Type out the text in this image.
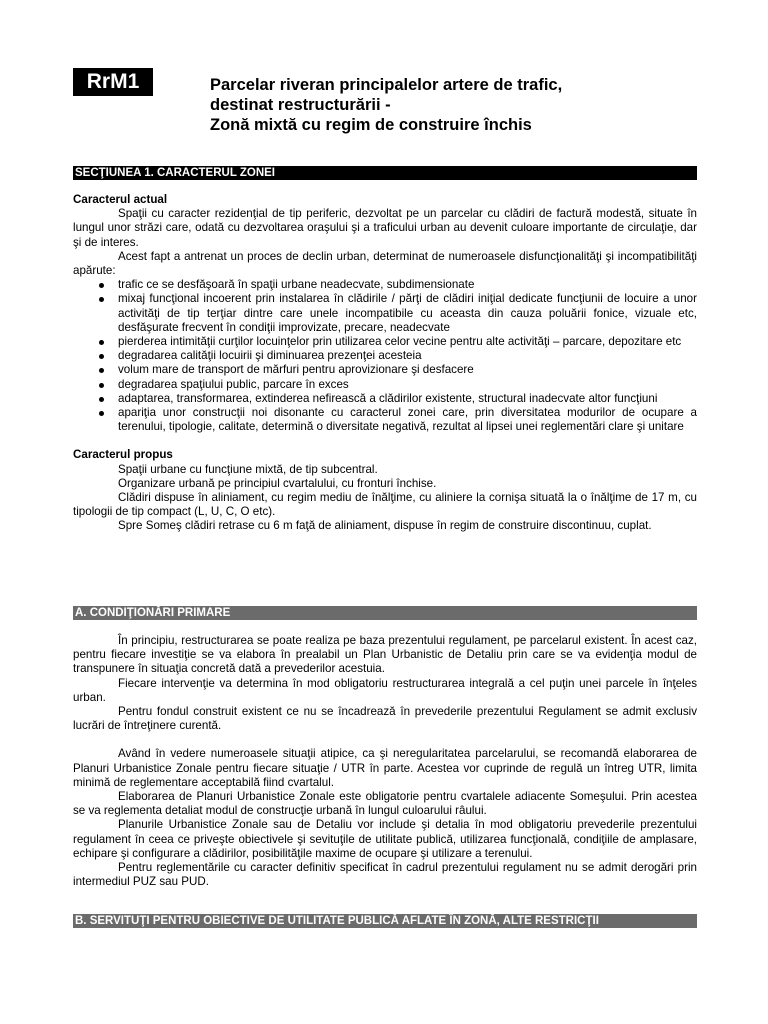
RrM1	Parcelar riveran principalelor artere de trafic,
destinat restructurării -
Zonă mixtă cu regim de construire închis
SECŢIUNEA 1. CARACTERUL ZONEI

Caracterul actual

Spaţii cu caracter rezidenţial de tip periferic, dezvoltat pe un parcelar cu clădiri de factură modestă, situate în lungul unor străzi care, odată cu dezvoltarea oraşului şi a traficului urban au devenit culoare importante de circulaţie, dar şi de interes.

Acest fapt a antrenat un proces de declin urban, determinat de numeroasele disfuncţionalităţi şi incompatibilităţi apărute:

trafic ce se desfăşoară în spaţii urbane neadecvate, subdimensionate
mixaj funcţional incoerent prin instalarea în clădirile / părţi de clădiri iniţial dedicate funcţiunii de locuire a unor activităţi de tip terţiar dintre care unele incompatibile cu aceasta din cauza poluării fonice, vizuale etc, desfăşurate frecvent în condiţii improvizate, precare, neadecvate
pierderea intimităţii curţilor locuinţelor prin utilizarea celor vecine pentru alte activităţi – parcare, depozitare etc
degradarea calităţii locuirii şi diminuarea prezenţei acesteia
volum mare de transport de mărfuri pentru aprovizionare şi desfacere
degradarea spaţiului public, parcare în exces
adaptarea, transformarea, extinderea nefirească a clădirilor existente, structural inadecvate altor funcţiuni
apariţia unor construcţii noi disonante cu caracterul zonei care, prin diversitatea modurilor de ocupare a terenului, tipologie, calitate, determină o diversitate negativă, rezultat al lipsei unei reglementări clare şi unitare

Caracterul propus

Spaţii urbane cu funcţiune mixtă, de tip subcentral.

Organizare urbană pe principiul cvartalului, cu fronturi închise.

Clădiri dispuse în aliniament, cu regim mediu de înălţime, cu aliniere la cornişa situată la o înălţime de 17 m, cu tipologii de tip compact (L, U, C, O etc).

Spre Someş clădiri retrase cu 6 m faţă de aliniament, dispuse în regim de construire discontinuu, cuplat.

A. CONDIŢIONĂRI PRIMARE

În principiu, restructurarea se poate realiza pe baza prezentului regulament, pe parcelarul existent. În acest caz, pentru fiecare investiţie se va elabora în prealabil un Plan Urbanistic de Detaliu prin care se va evidenţia modul de transpunere în situaţia concretă dată a prevederilor acestuia.

Fiecare intervenţie va determina în mod obligatoriu restructurarea integrală a cel puţin unei parcele în înţeles urban.

Pentru fondul construit existent ce nu se încadrează în prevederile prezentului Regulament se admit exclusiv lucrări de întreţinere curentă.

Având în vedere numeroasele situaţii atipice, ca şi neregularitatea parcelarului, se recomandă elaborarea de Planuri Urbanistice Zonale pentru fiecare situaţie / UTR în parte. Acestea vor cuprinde de regulă un întreg UTR, limita minimă de reglementare acceptabilă fiind cvartalul.

Elaborarea de Planuri Urbanistice Zonale este obligatorie pentru cvartalele adiacente Someşului. Prin acestea se va reglementa detaliat modul de construcţie urbană în lungul culoarului râului.

Planurile Urbanistice Zonale sau de Detaliu vor include şi detalia în mod obligatoriu prevederile prezentului regulament în ceea ce priveşte obiectivele şi sevituţile de utilitate publică, utilizarea funcţională, condiţiile de amplasare, echipare şi configurare a clădirilor, posibilităţile maxime de ocupare şi utilizare a terenului.

Pentru reglementările cu caracter definitiv specificat în cadrul prezentului regulament nu se admit derogări prin intermediul PUZ sau PUD.

B. SERVITUŢI PENTRU OBIECTIVE DE UTILITATE PUBLICĂ AFLATE ÎN ZONĂ, ALTE RESTRICŢII
